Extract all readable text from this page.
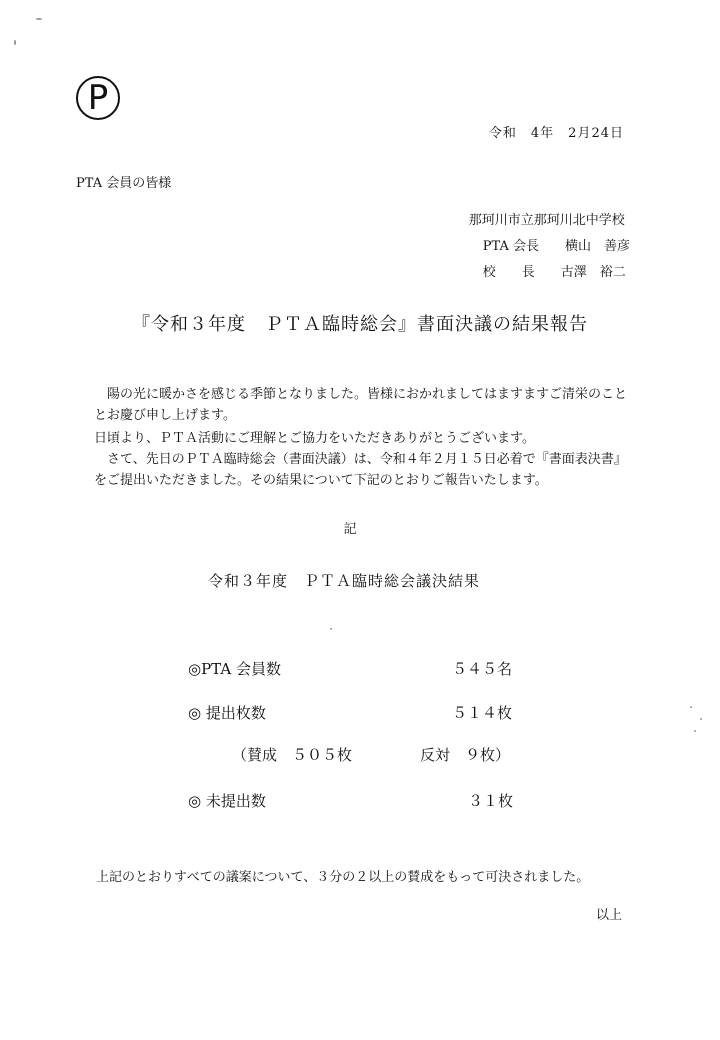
P
令和　4年　2月24日
PTA 会員の皆様
那珂川市立那珂川北中学校
PTA 会長　　横山　善彦
校　　長　　古澤　裕二
『令和３年度　ＰＴＡ臨時総会』書面決議の結果報告
陽の光に暖かさを感じる季節となりました。皆様におかれましてはますますご清栄のこととお慶び申し上げます。
日頃より、ＰＴＡ活動にご理解とご協力をいただきありがとうございます。
さて、先日のＰＴＡ臨時総会（書面決議）は、令和４年２月１５日必着で『書面表決書』をご提出いただきました。その結果について下記のとおりご報告いたします。
記
令和３年度　ＰＴＡ臨時総会議決結果
◎PTA 会員数	５４５名
◎ 提出枚数	５１４枚
（賛成　５０５枚	反対　９枚）
◎ 未提出数	３１枚
上記のとおりすべての議案について、３分の２以上の賛成をもって可決されました。
以上
